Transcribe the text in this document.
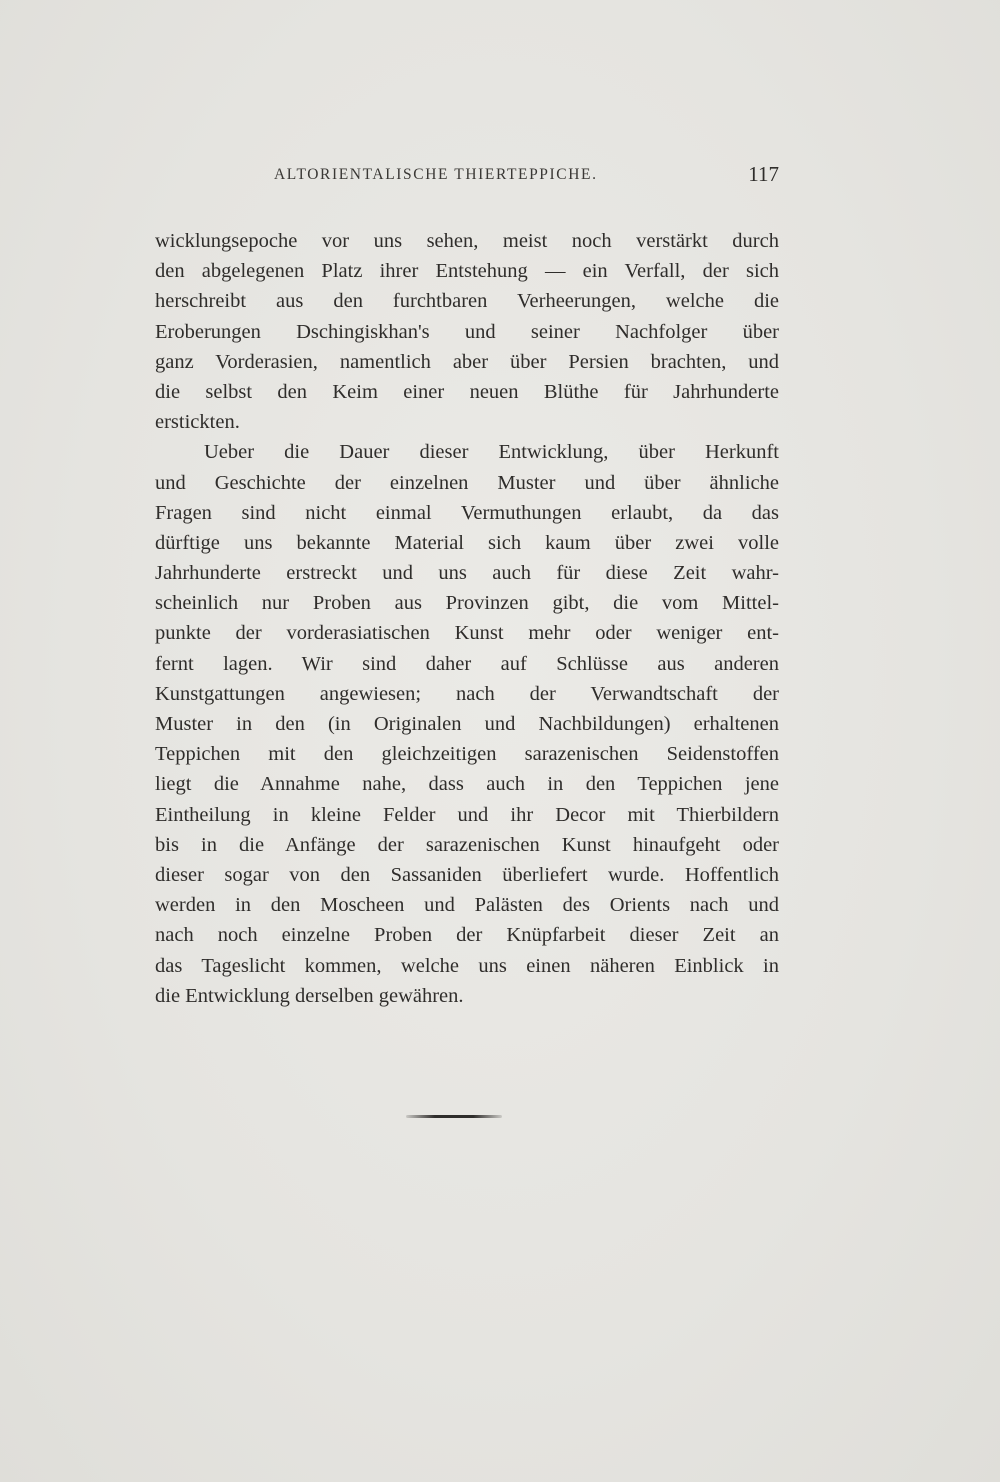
ALTORIENTALISCHE THIERTEPPICHE.	117
wicklungsepoche vor uns sehen, meist noch verstärkt durch
den abgelegenen Platz ihrer Entstehung — ein Verfall, der sich
herschreibt aus den furchtbaren Verheerungen, welche die
Eroberungen Dschingiskhan's und seiner Nachfolger über
ganz Vorderasien, namentlich aber über Persien brachten, und
die selbst den Keim einer neuen Blüthe für Jahrhunderte
erstickten.
Ueber die Dauer dieser Entwicklung, über Herkunft
und Geschichte der einzelnen Muster und über ähnliche
Fragen sind nicht einmal Vermuthungen erlaubt, da das
dürftige uns bekannte Material sich kaum über zwei volle
Jahrhunderte erstreckt und uns auch für diese Zeit wahr-
scheinlich nur Proben aus Provinzen gibt, die vom Mittel-
punkte der vorderasiatischen Kunst mehr oder weniger ent-
fernt lagen. Wir sind daher auf Schlüsse aus anderen
Kunstgattungen angewiesen; nach der Verwandtschaft der
Muster in den (in Originalen und Nachbildungen) erhaltenen
Teppichen mit den gleichzeitigen sarazenischen Seidenstoffen
liegt die Annahme nahe, dass auch in den Teppichen jene
Eintheilung in kleine Felder und ihr Decor mit Thierbildern
bis in die Anfänge der sarazenischen Kunst hinaufgeht oder
dieser sogar von den Sassaniden überliefert wurde. Hoffentlich
werden in den Moscheen und Palästen des Orients nach und
nach noch einzelne Proben der Knüpfarbeit dieser Zeit an
das Tageslicht kommen, welche uns einen näheren Einblick in
die Entwicklung derselben gewähren.
